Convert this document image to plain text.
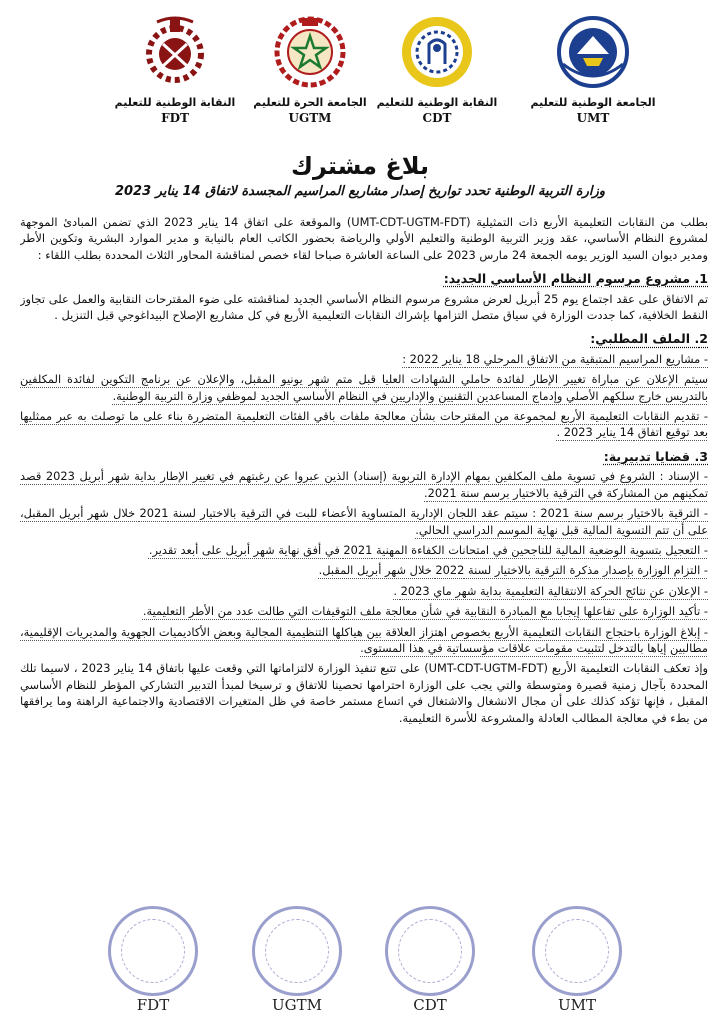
الجامعة الوطنية للتعليم
UMT
النقابة الوطنية للتعليم
CDT
الجامعة الحرة للتعليم
UGTM
النقابة الوطنية للتعليم
FDT
بلاغ مشترك
وزارة التربية الوطنية تحدد تواريخ إصدار مشاريع المراسيم المجسدة لاتفاق 14 يناير 2023

بطلب من النقابات التعليمية الأربع ذات التمثيلية (UMT-CDT-UGTM-FDT) والموقعة على اتفاق 14 يناير 2023 الذي تضمن المبادئ الموجهة لمشروع النظام الأساسي، عقد وزير التربية الوطنية والتعليم الأولي والرياضة بحضور الكاتب العام بالنيابة و مدير الموارد البشرية وتكوين الأطر ومدير ديوان السيد الوزير يومه الجمعة 24 مارس 2023 على الساعة العاشرة صباحا لقاء خصص لمناقشة المحاور الثلاث المحددة بطلب اللقاء :

1. مشروع مرسوم النظام الأساسي الجديد:

تم الاتفاق على عقد اجتماع يوم 25 أبريل لعرض مشروع مرسوم النظام الأساسي الجديد لمناقشته على ضوء المقترحات النقابية والعمل على تجاوز النقط الخلافية، كما جددت الوزارة في سياق متصل التزامها بإشراك النقابات التعليمية الأربع في كل مشاريع الإصلاح البيداغوجي قبل التنزيل .

2. الملف المطلبي:

- مشاريع المراسيم المتبقية من الاتفاق المرحلي 18 يناير 2022 :

سيتم الإعلان عن مباراة تغيير الإطار لفائدة حاملي الشهادات العليا قبل متم شهر يونيو المقبل، والإعلان عن برنامج التكوين لفائدة المكلفين بالتدريس خارج سلكهم الأصلي وإدماج المساعدين التقنيين والإداريين في النظام الأساسي الجديد لموظفي وزارة التربية الوطنية.

- تقديم النقابات التعليمية الأربع لمجموعة من المقترحات بشأن معالجة ملفات باقي الفئات التعليمية المتضررة بناء على ما توصلت به عبر ممثليها بعد توقيع اتفاق 14 يناير 2023 .

3. قضايا تدبيرية:

- الإسناد : الشروع في تسوية ملف المكلفين بمهام الإدارة التربوية (إسناد) الذين عبروا عن رغبتهم في تغيير الإطار بداية شهر أبريل 2023 قصد تمكينهم من المشاركة في الترقية بالاختيار برسم سنة 2021.

- الترقية بالاختيار برسم سنة 2021 : سيتم عقد اللجان الإدارية المتساوية الأعضاء للبت في الترقية بالاختيار لسنة 2021 خلال شهر أبريل المقبل، على أن تتم التسوية المالية قبل نهاية الموسم الدراسي الحالي.

- التعجيل بتسوية الوضعية المالية للناجحين في امتحانات الكفاءة المهنية 2021 في أفق نهاية شهر أبريل على أبعد تقدير.

- التزام الوزارة بإصدار مذكرة الترقية بالاختيار لسنة 2022 خلال شهر أبريل المقبل.

- الإعلان عن نتائج الحركة الانتقالية التعليمية بداية شهر ماي 2023 .

- تأكيد الوزارة على تفاعلها إيجابا مع المبادرة النقابية في شأن معالجة ملف التوقيفات التي طالت عدد من الأطر التعليمية.

- إبلاغ الوزارة باحتجاج النقابات التعليمية الأربع بخصوص اهتزاز العلاقة بين هياكلها التنظيمية المجالية وبعض الأكاديميات الجهوية والمديريات الإقليمية، مطالبين إياها بالتدخل لتثبيت مقومات علاقات مؤسساتية في هذا المستوى.

وإذ تعكف النقابات التعليمية الأربع (UMT-CDT-UGTM-FDT) على تتبع تنفيذ الوزارة لالتزاماتها التي وقعت عليها باتفاق 14 يناير 2023 ، لاسيما تلك المحددة بآجال زمنية قصيرة ومتوسطة والتي يجب على الوزارة احترامها تحصينا للاتفاق و ترسيخا لمبدأ التدبير التشاركي المؤطر للنظام الأساسي المقبل ، فإنها تؤكد كذلك على أن مجال الانشغال والاشتغال في اتساع مستمر خاصة في ظل المتغيرات الاقتصادية والاجتماعية الراهنة وما يرافقها من بطء في معالجة المطالب العادلة والمشروعة للأسرة التعليمية.

FDT	UGTM	CDT	UMT
